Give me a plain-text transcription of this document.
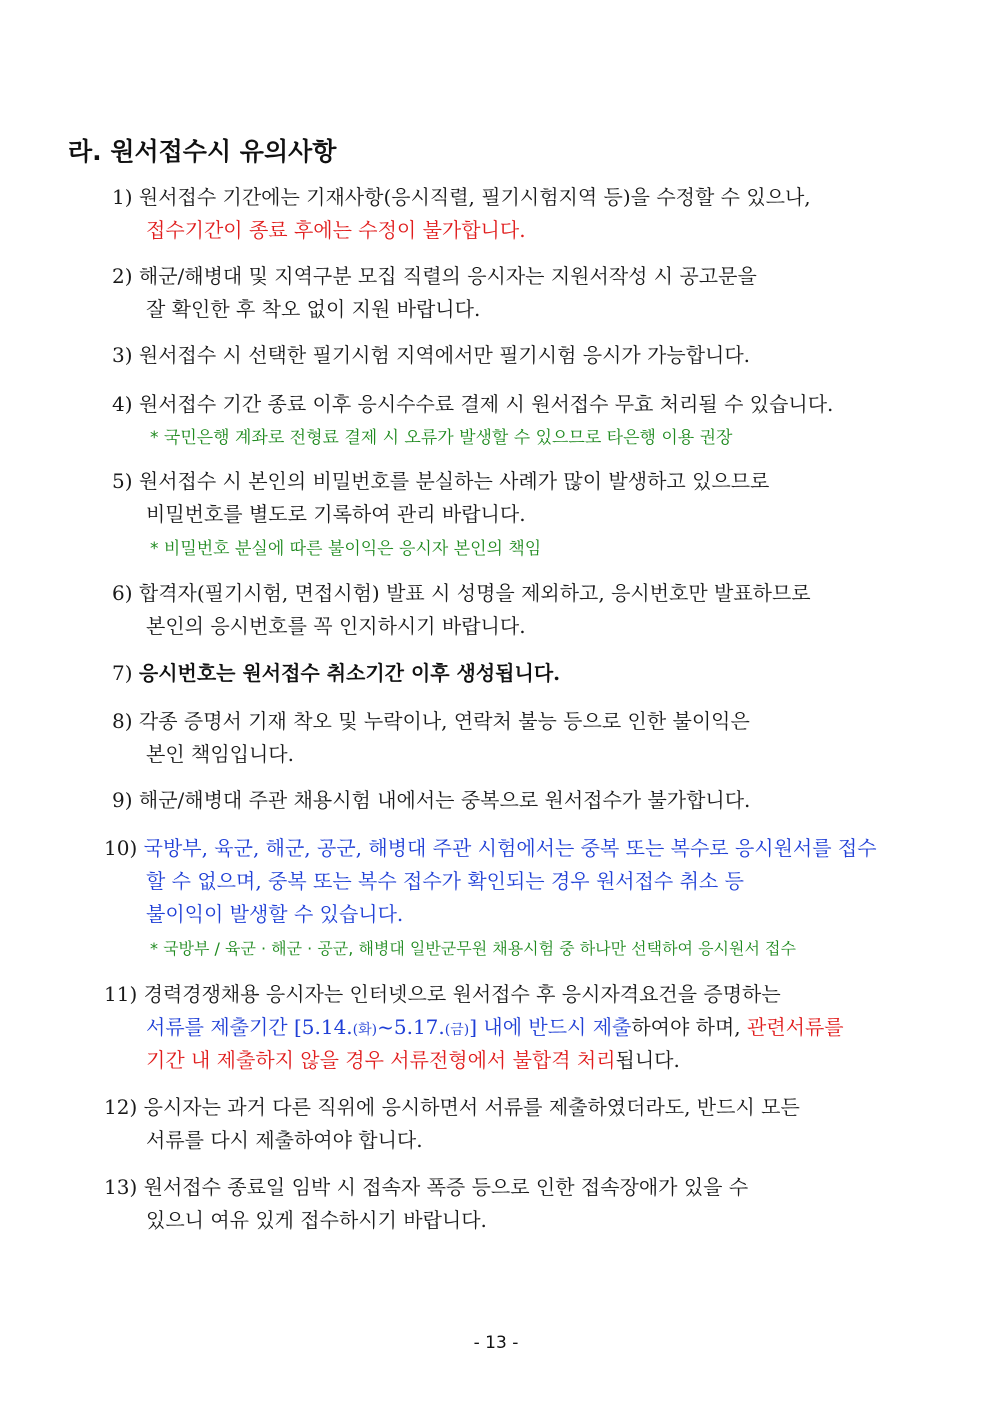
라. 원서접수시 유의사항
1) 원서접수 기간에는 기재사항(응시직렬, 필기시험지역 등)을 수정할 수 있으나,
접수기간이 종료 후에는 수정이 불가합니다.
2) 해군/해병대 및 지역구분 모집 직렬의 응시자는 지원서작성 시 공고문을
잘 확인한 후 착오 없이 지원 바랍니다.
3) 원서접수 시 선택한 필기시험 지역에서만 필기시험 응시가 가능합니다.
4) 원서접수 기간 종료 이후 응시수수료 결제 시 원서접수 무효 처리될 수 있습니다.
* 국민은행 계좌로 전형료 결제 시 오류가 발생할 수 있으므로 타은행 이용 권장
5) 원서접수 시 본인의 비밀번호를 분실하는 사례가 많이 발생하고 있으므로
비밀번호를 별도로 기록하여 관리 바랍니다.
* 비밀번호 분실에 따른 불이익은 응시자 본인의 책임
6) 합격자(필기시험, 면접시험) 발표 시 성명을 제외하고, 응시번호만 발표하므로
본인의 응시번호를 꼭 인지하시기 바랍니다.
7) 응시번호는 원서접수 취소기간 이후 생성됩니다.
8) 각종 증명서 기재 착오 및 누락이나, 연락처 불능 등으로 인한 불이익은
본인 책임입니다.
9) 해군/해병대 주관 채용시험 내에서는 중복으로 원서접수가 불가합니다.
10) 국방부, 육군, 해군, 공군, 해병대 주관 시험에서는 중복 또는 복수로 응시원서를 접수
할 수 없으며, 중복 또는 복수 접수가 확인되는 경우 원서접수 취소 등
불이익이 발생할 수 있습니다.
* 국방부 / 육군 · 해군 · 공군, 해병대 일반군무원 채용시험 중 하나만 선택하여 응시원서 접수
11) 경력경쟁채용 응시자는 인터넷으로 원서접수 후 응시자격요건을 증명하는
서류를 제출기간 [5.14.(화)~5.17.(금)] 내에 반드시 제출하여야 하며, 관련서류를
기간 내 제출하지 않을 경우 서류전형에서 불합격 처리됩니다.
12) 응시자는 과거 다른 직위에 응시하면서 서류를 제출하였더라도, 반드시 모든
서류를 다시 제출하여야 합니다.
13) 원서접수 종료일 임박 시 접속자 폭증 등으로 인한 접속장애가 있을 수
있으니 여유 있게 접수하시기 바랍니다.
- 13 -
